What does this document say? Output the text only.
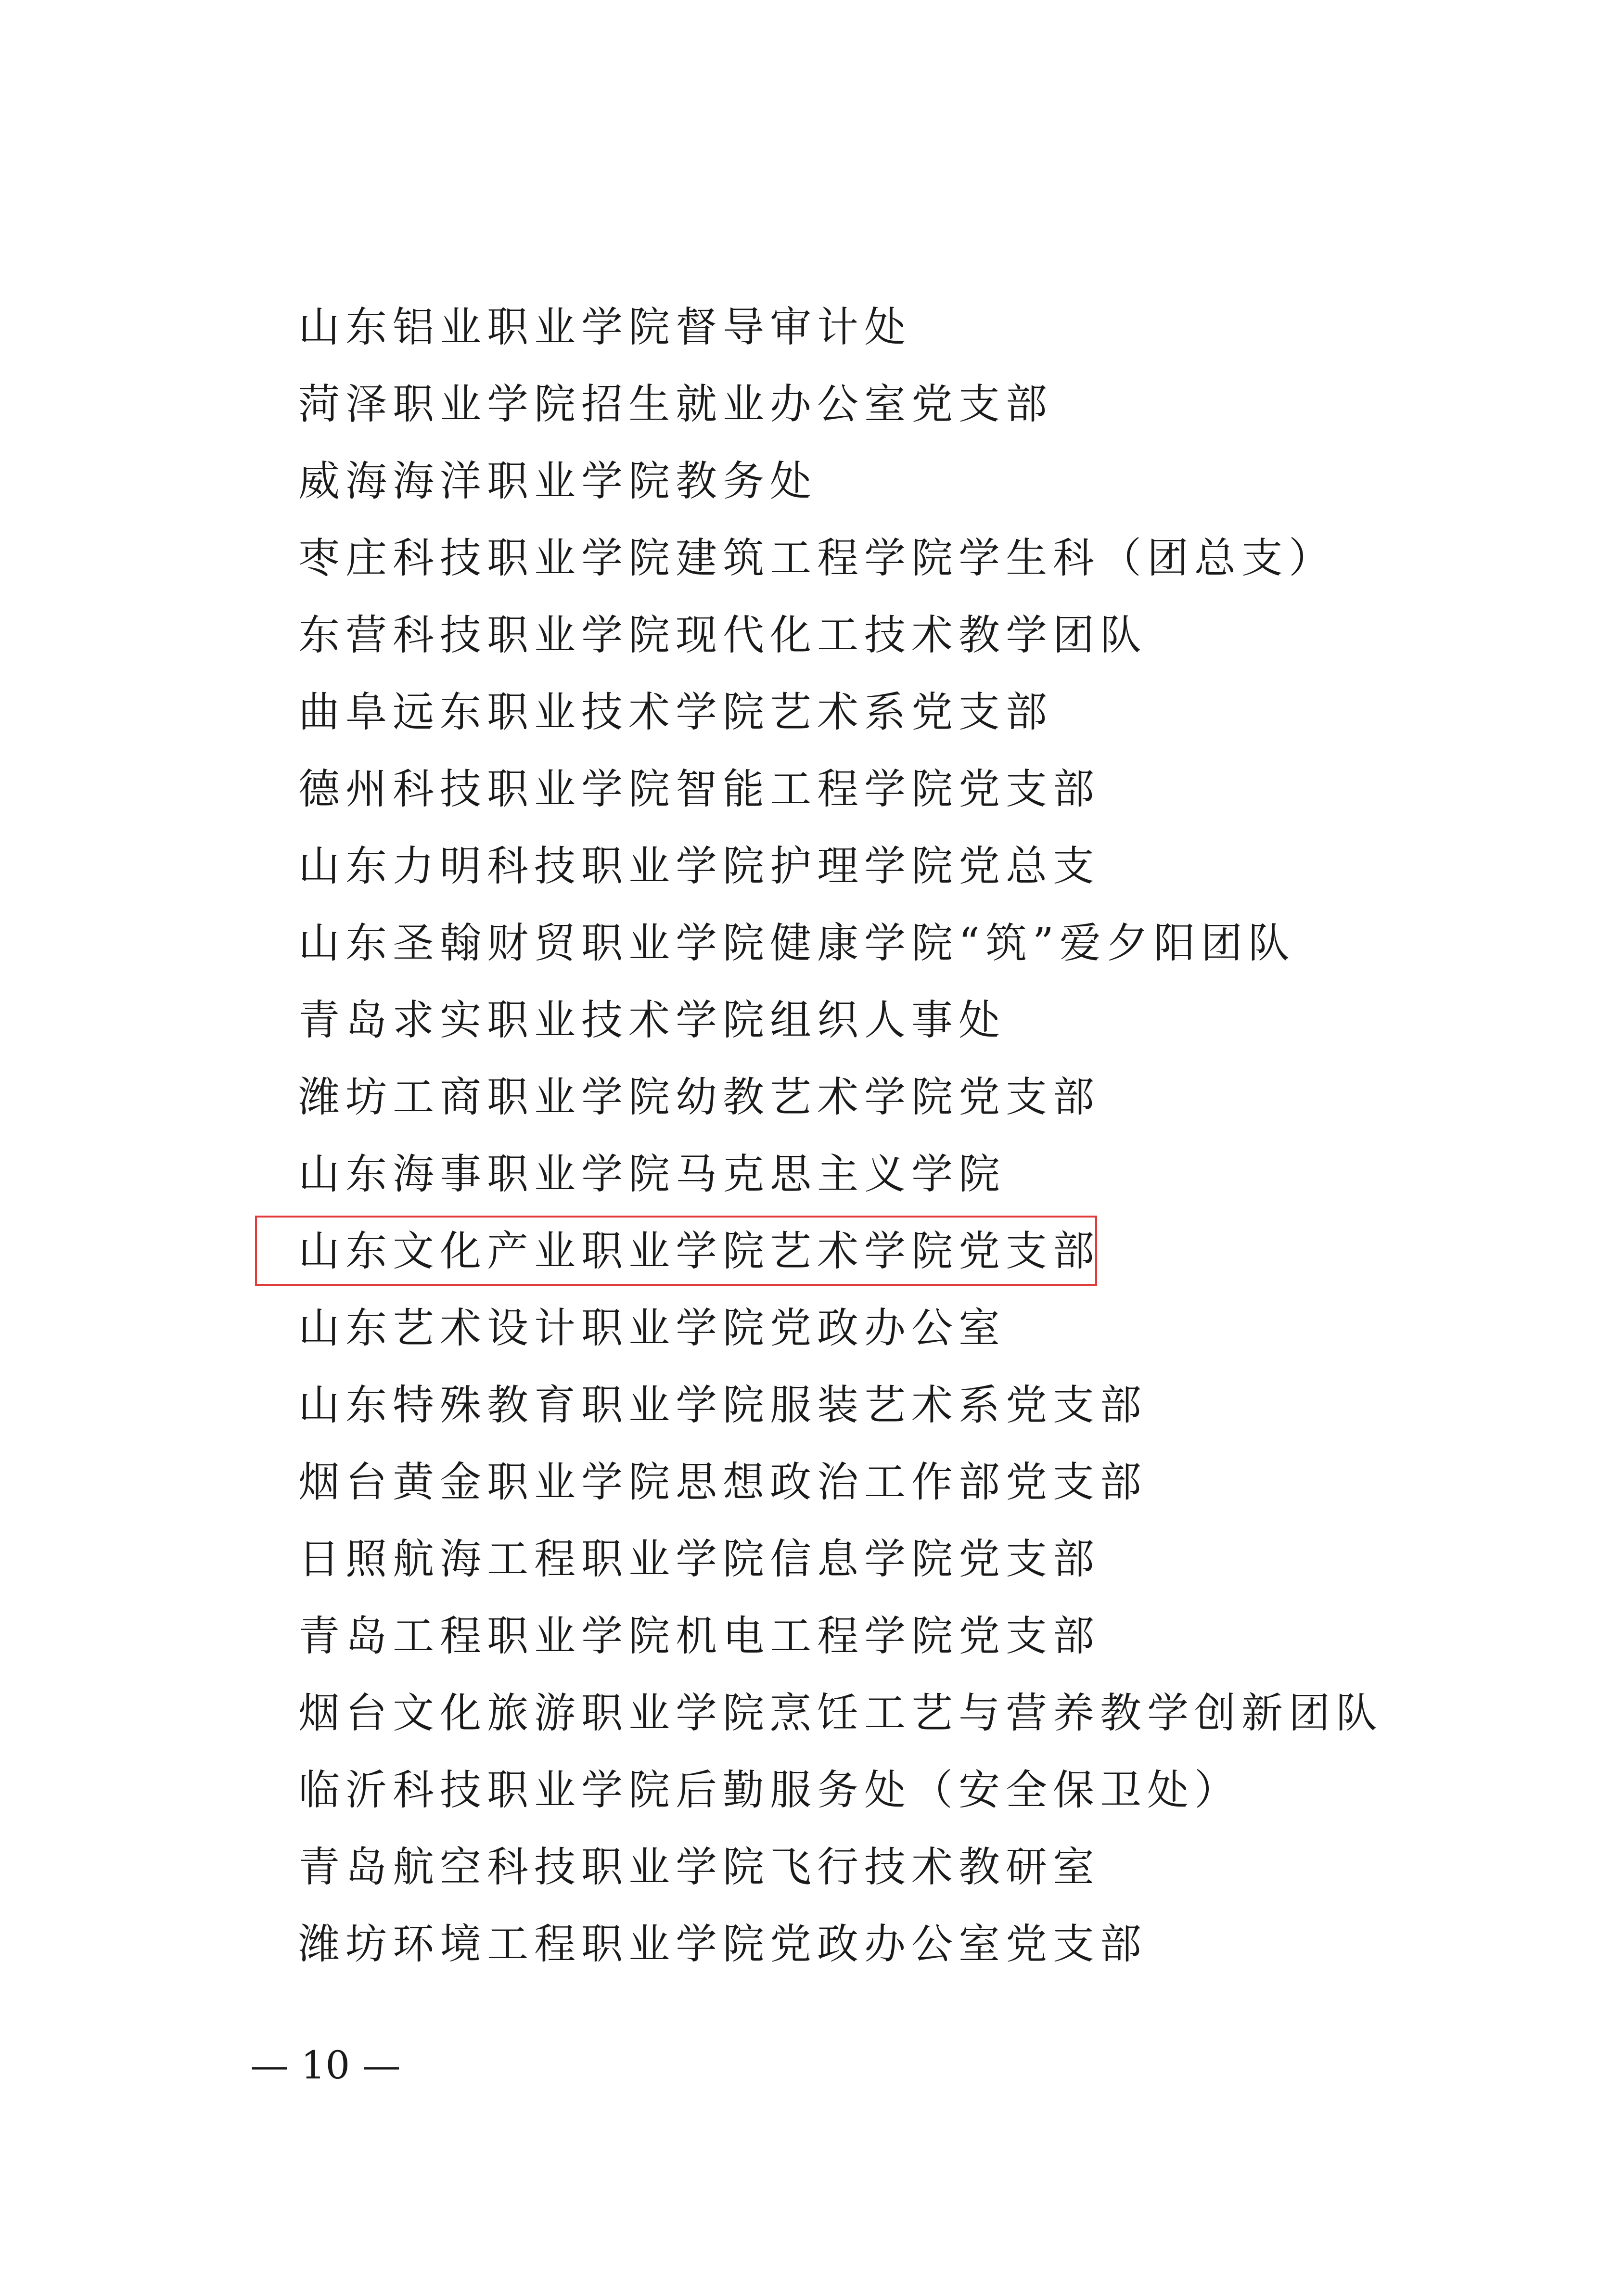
山东铝业职业学院督导审计处
菏泽职业学院招生就业办公室党支部
威海海洋职业学院教务处
枣庄科技职业学院建筑工程学院学生科（团总支）
东营科技职业学院现代化工技术教学团队
曲阜远东职业技术学院艺术系党支部
德州科技职业学院智能工程学院党支部
山东力明科技职业学院护理学院党总支
山东圣翰财贸职业学院健康学院“筑”爱夕阳团队
青岛求实职业技术学院组织人事处
潍坊工商职业学院幼教艺术学院党支部
山东海事职业学院马克思主义学院
山东文化产业职业学院艺术学院党支部
山东艺术设计职业学院党政办公室
山东特殊教育职业学院服装艺术系党支部
烟台黄金职业学院思想政治工作部党支部
日照航海工程职业学院信息学院党支部
青岛工程职业学院机电工程学院党支部
烟台文化旅游职业学院烹饪工艺与营养教学创新团队
临沂科技职业学院后勤服务处（安全保卫处）
青岛航空科技职业学院飞行技术教研室
潍坊环境工程职业学院党政办公室党支部
— 10 —
